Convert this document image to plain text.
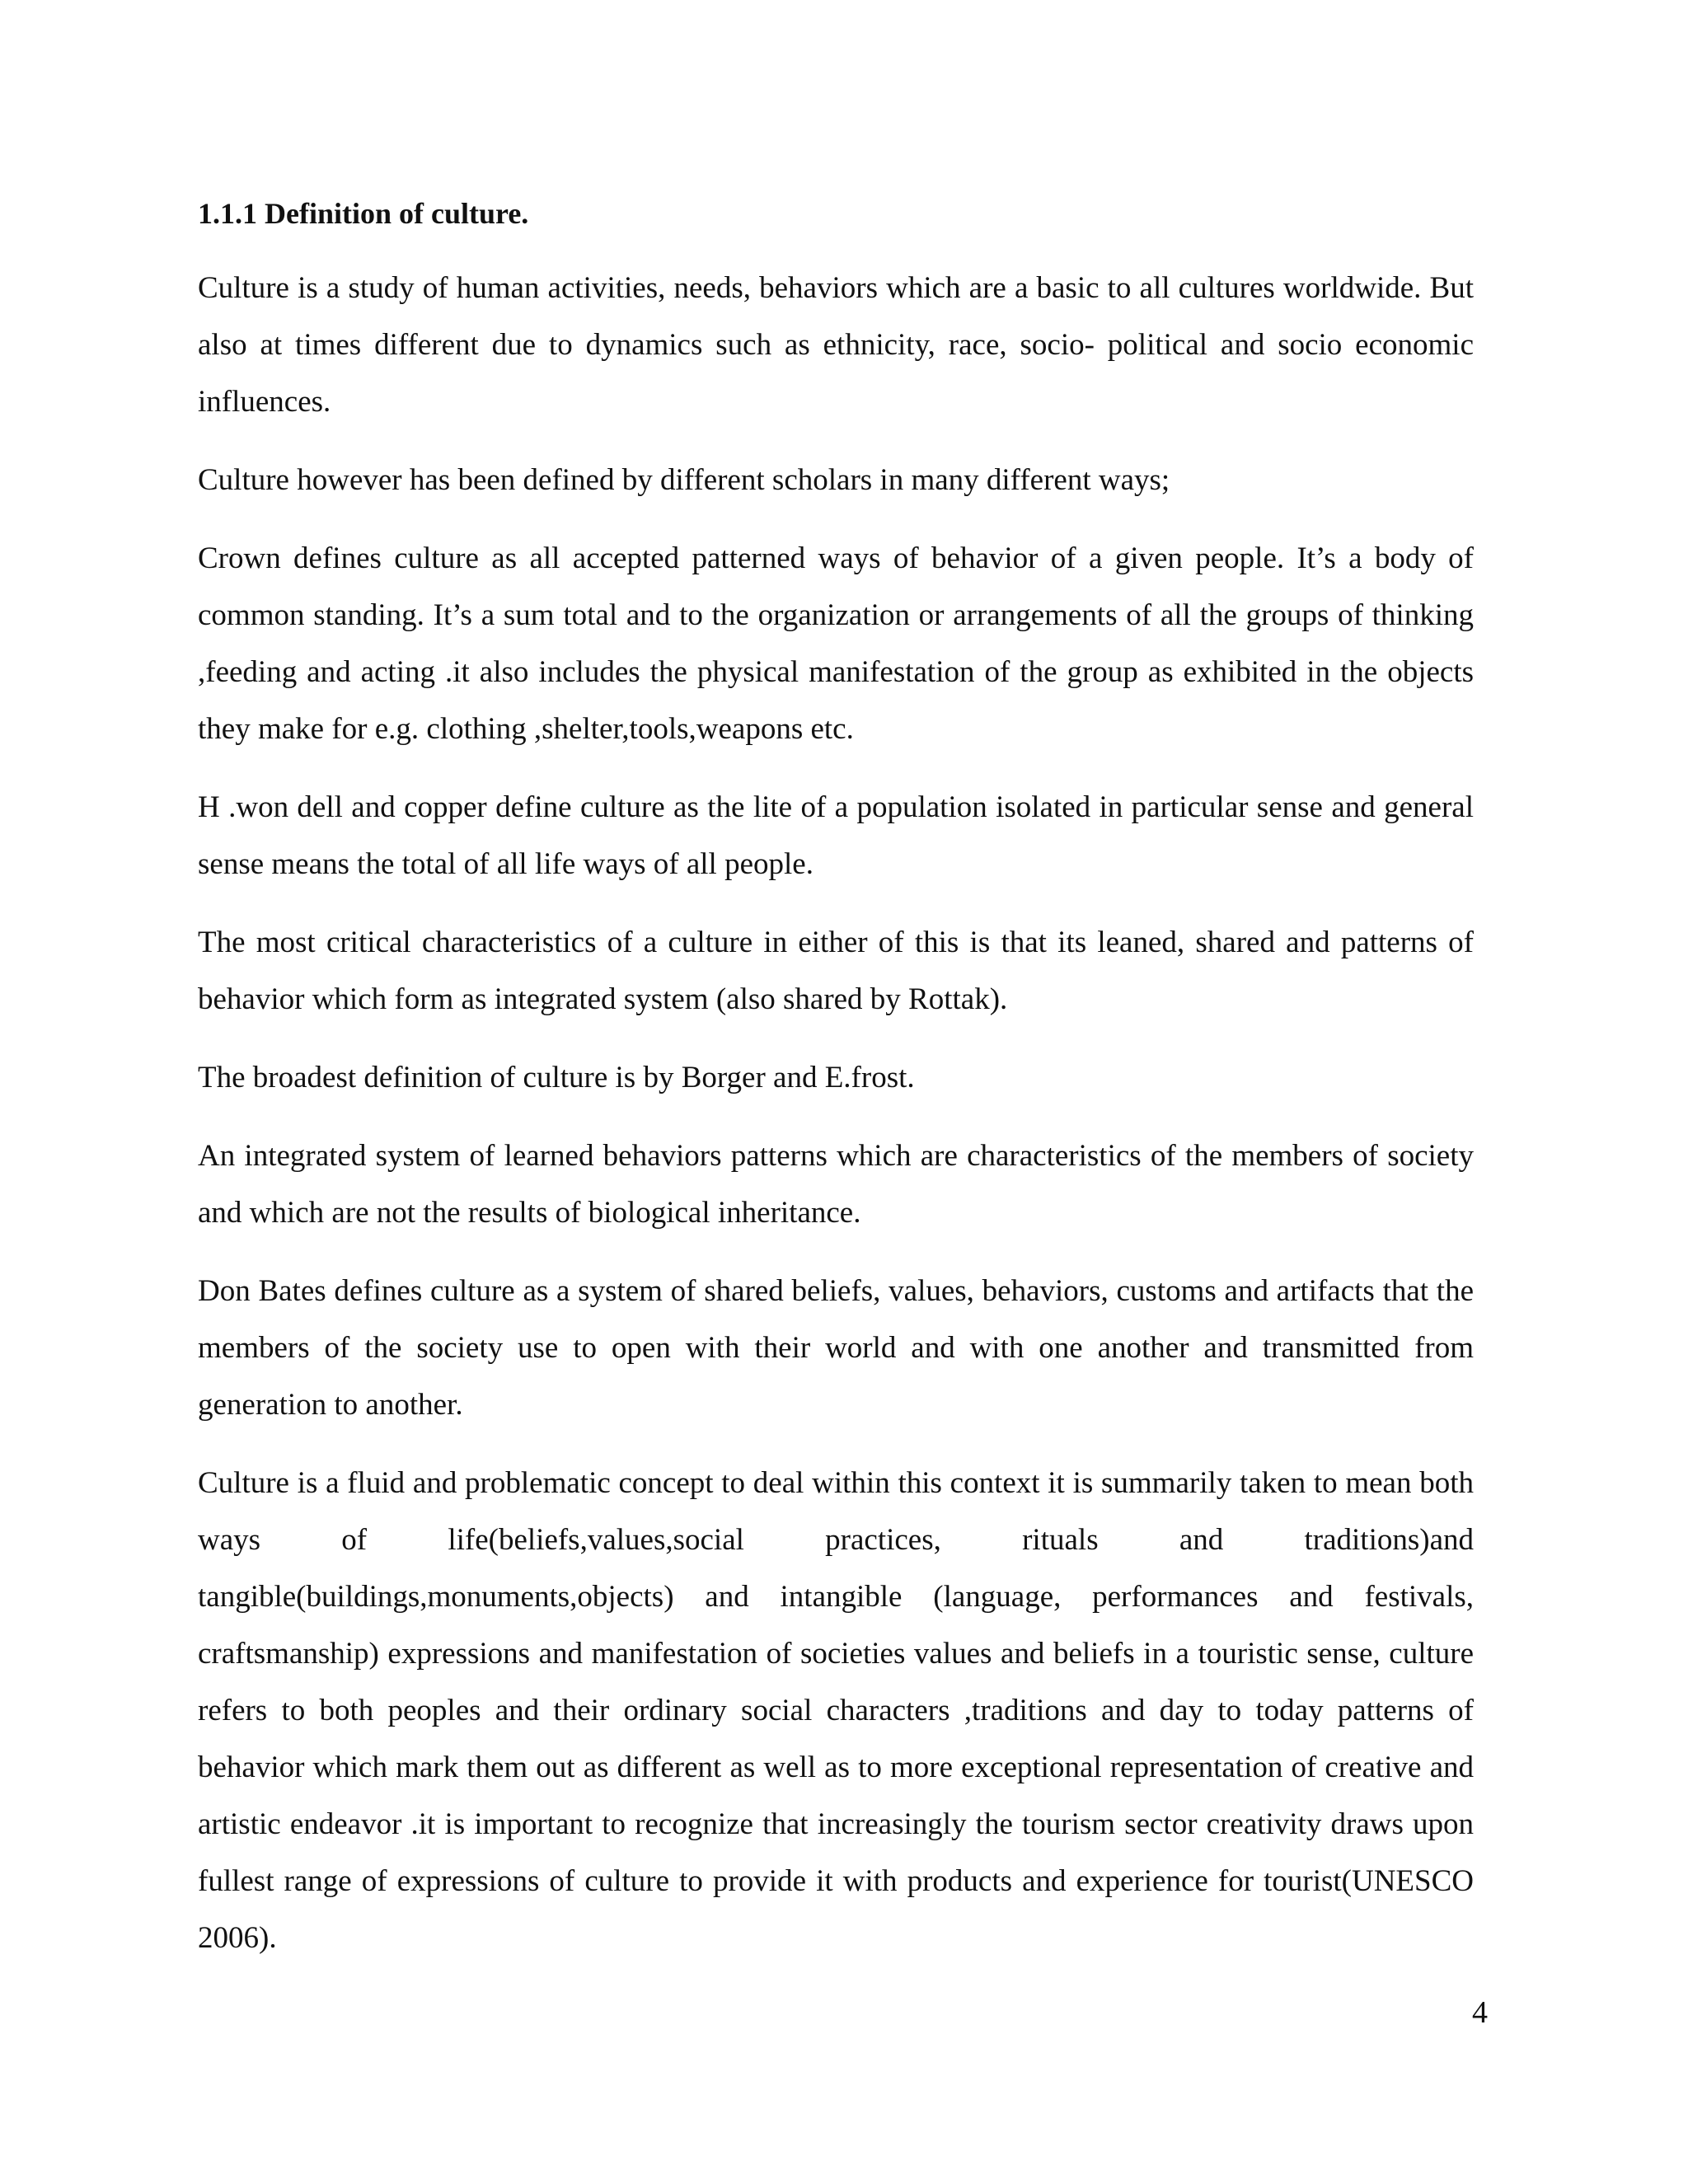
1.1.1 Definition of culture.

Culture is a study of human activities, needs, behaviors which are a basic to all cultures worldwide. But also at times different due to dynamics such as ethnicity, race, socio- political and socio economic influences.

Culture however has been defined by different scholars in many different ways;

Crown defines culture as all accepted patterned ways of behavior of a given people. It’s a body of common standing. It’s a sum total and to the organization or arrangements of all the groups of thinking ,feeding and acting .it also includes the physical manifestation of the group as exhibited in the objects they make for e.g. clothing ,shelter,tools,weapons etc.

H .won dell and copper define culture as the lite of a population isolated in particular sense and general sense means the total of all life ways of all people.

The most critical characteristics of a culture in either of this is that its leaned, shared and patterns of behavior which form as integrated system (also shared by Rottak).

The broadest definition of culture is by Borger and E.frost.

An integrated system of learned behaviors patterns which are characteristics of the members of society and which are not the results of biological inheritance.

Don Bates defines culture as a system of shared beliefs, values, behaviors, customs and artifacts that the members of the society use to open with their world and with one another and transmitted from generation to another.

Culture is a fluid and problematic concept to deal within this context it is summarily taken to mean both ways of life(beliefs,values,social practices, rituals and traditions)and tangible(buildings,monuments,objects) and intangible (language, performances and festivals, craftsmanship) expressions and manifestation of societies values and beliefs in a touristic sense, culture refers to both peoples and their ordinary social characters ,traditions and day to today patterns of behavior which mark them out as different as well as to more exceptional representation of creative and artistic endeavor .it is important to recognize that increasingly the tourism sector creativity draws upon fullest range of expressions of culture to provide it with products and experience for tourist(UNESCO 2006).

4
